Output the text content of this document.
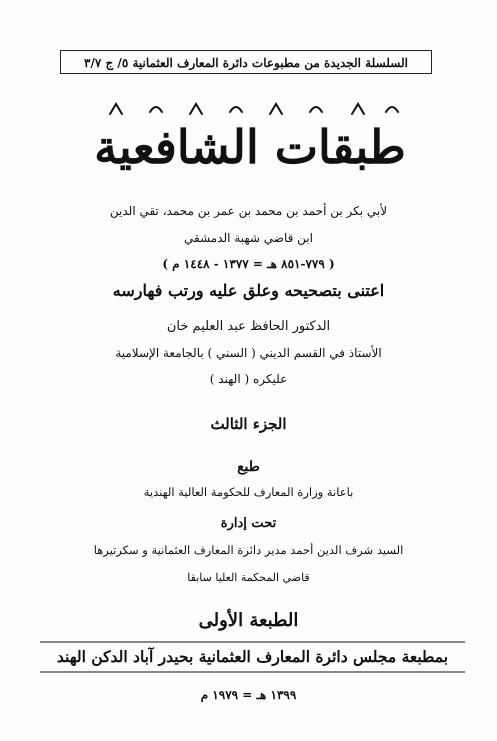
السلسلة الجديدة من مطبوعات دائرة المعارف العثمانية ٥/ ج ٣/٧
طبقات الشافعية
لأبي بكر بن أحمد بن محمد بن عمر بن محمد، تقي الدين
ابن قاضي شهبة الدمشقي
( ٧٧٩-٨٥١ هـ = ١٣٧٧ - ١٤٤٨ م )
اعتنى بتصحيحه وعلق عليه ورتب فهارسه
الدكتور الحافظ عبد العليم خان
الأستاذ في القسم الديني ( السني ) بالجامعة الإسلامية
عليكره ( الهند )
الجزء الثالث
طبع
باعانة وزارة المعارف للحكومة العالية الهندية
تحت إدارة
السيد شرف الدين أحمد مدير دائرة المعارف العثمانية و سكرتيرها
قاضي المحكمة العليا سابقا
الطبعة الأولى
بمطبعة مجلس دائرة المعارف العثمانية بحيدر آباد الدكن الهند
١٣٩٩ هـ = ١٩٧٩ م
